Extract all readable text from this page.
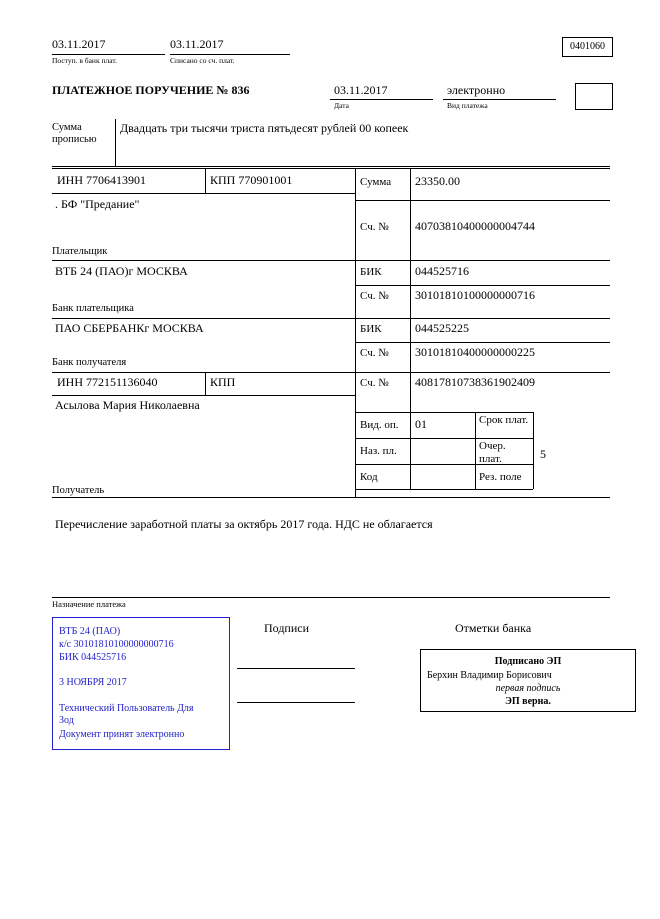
03.11.2017
Поступ. в банк плат.
03.11.2017
Списано со сч. плат.
0401060
ПЛАТЕЖНОЕ ПОРУЧЕНИЕ № 836	03.11.2017
Дата
электронно
Вид платежа
Сумма прописью
Двадцать три тысячи триста пятьдесят рублей 00 копеек
ИНН 7706413901	КПП 770901001	Сумма 23350.00
. БФ "Предание"
Сч. № 40703810400000004744
Плательщик
ВТБ 24 (ПАО)г МОСКВА	БИК	044525716
Сч. № 30101810100000000716
Банк плательщика
ПАО СБЕРБАНКг МОСКВА	БИК	044525225
Сч. № 30101810400000000225
Банк получателя
ИНН 772151136040	КПП	Сч. № 40817810738361902409
Асылова Мария Николаевна
Вид. оп. 01	Срок плат.
Наз. пл.	Очер. плат.	5
Код	Рез. поле
Получатель
Перечисление заработной платы за октябрь 2017 года. НДС не облагается
Назначение платежа
ВТБ 24 (ПАО)
к/с 30101810100000000716
БИК 044525716
3 НОЯБРЯ 2017
Технический Пользователь Для Зод
Документ принят электронно
Подписи	Отметки банка
Подписано ЭП
Берхин Владимир Борисович
первая подпись
ЭП верна.
